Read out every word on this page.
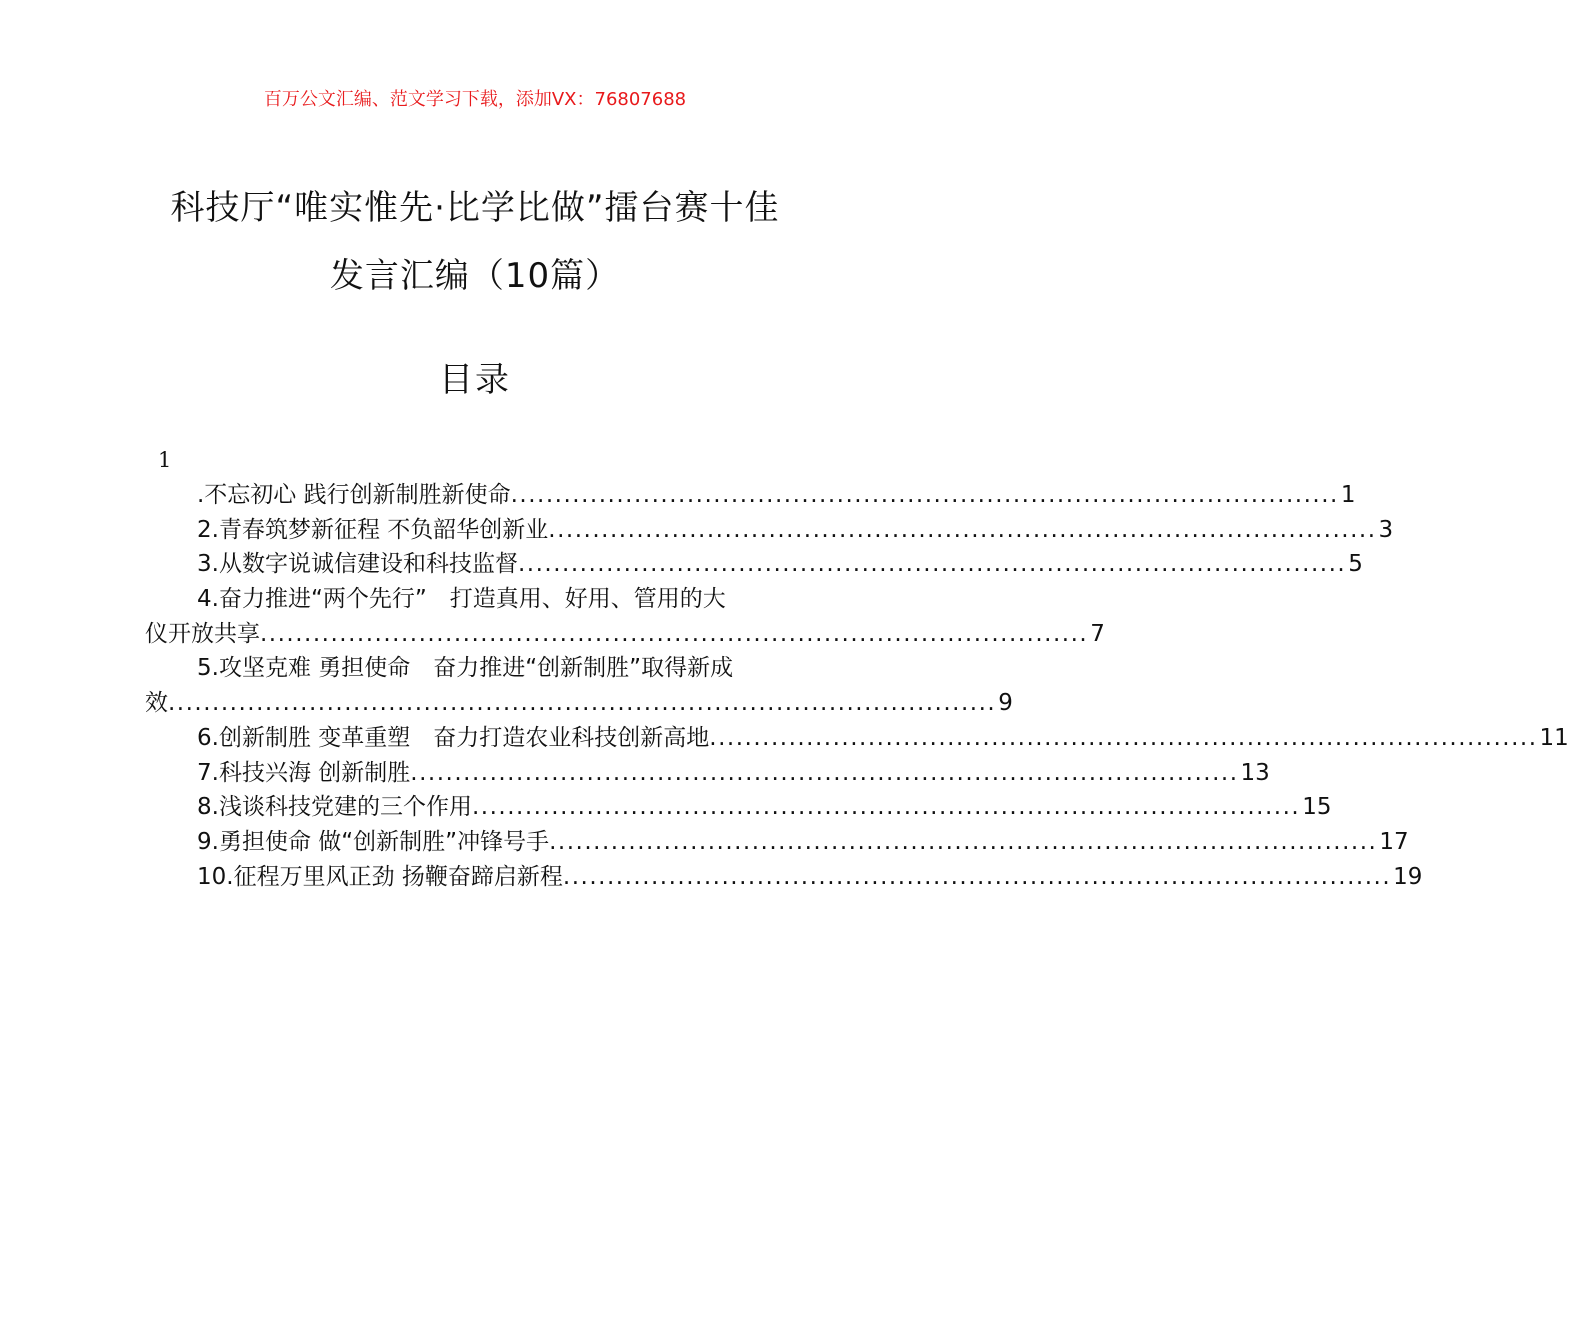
百万公文汇编、范文学习下载，添加VX：76807688
科技厅“唯实惟先·比学比做”擂台赛十佳
发言汇编（10篇）
目录
1
.不忘初心 践行创新制胜新使命 .............................................................................................. 1
2.青春筑梦新征程 不负韶华创新业 .............................................................................................. 3
3.从数字说诚信建设和科技监督 .............................................................................................. 5
4.奋力推进“两个先行”　打造真用、好用、管用的大
仪开放共享 .............................................................................................. 7
5.攻坚克难 勇担使命　奋力推进“创新制胜”取得新成
效 .............................................................................................. 9
6.创新制胜 变革重塑　奋力打造农业科技创新高地 .............................................................................................. 11
7.科技兴海 创新制胜 .............................................................................................. 13
8.浅谈科技党建的三个作用 .............................................................................................. 15
9.勇担使命 做“创新制胜”冲锋号手 .............................................................................................. 17
10.征程万里风正劲 扬鞭奋蹄启新程 .............................................................................................. 19
